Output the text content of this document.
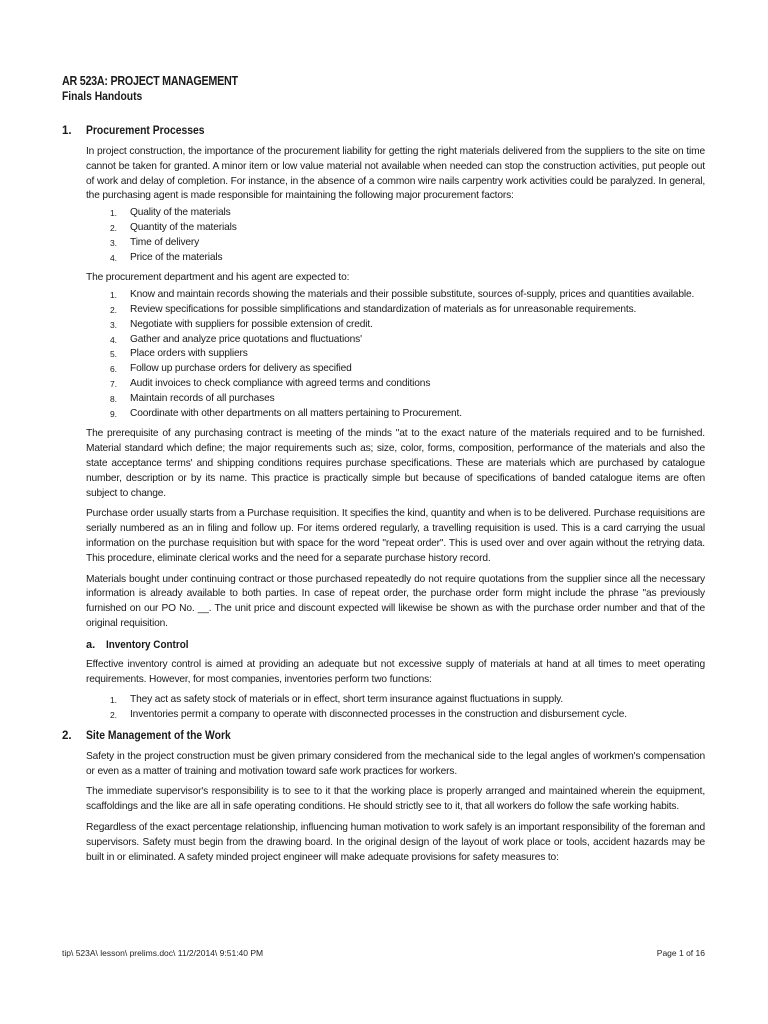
AR 523A: PROJECT MANAGEMENT
Finals Handouts
1.	Procurement Processes

In project construction, the importance of the procurement liability for getting the right materials delivered from the suppliers to the site on time cannot be taken for granted. A minor item or low value material not available when needed can stop the construction activities, put people out of work and delay of completion. For instance, in the absence of a common wire nails carpentry work activities could be paralyzed. In general, the purchasing agent is made responsible for maintaining the following major procurement factors:

1.	Quality of the materials
2.	Quantity of the materials
3.	Time of delivery
4.	Price of the materials

The procurement department and his agent are expected to:

1.	Know and maintain records showing the materials and their possible substitute, sources of-supply, prices and quantities available.
2.	Review specifications for possible simplifications and standardization of materials as for unreasonable requirements.
3.	Negotiate with suppliers for possible extension of credit.
4.	Gather and analyze price quotations and fluctuations'
5.	Place orders with suppliers
6.	Follow up purchase orders for delivery as specified
7.	Audit invoices to check compliance with agreed terms and conditions
8.	Maintain records of all purchases
9.	Coordinate with other departments on all matters pertaining to Procurement.

The prerequisite of any purchasing contract is meeting of the minds "at to the exact nature of the materials required and to be furnished. Material standard which define; the major requirements such as; size, color, forms, composition, performance of the materials and also the state acceptance terms' and shipping conditions requires purchase specifications. These are materials which are purchased by catalogue number, description or by its name. This practice is practically simple but because of specifications of banded catalogue items are often subject to change.

Purchase order usually starts from a Purchase requisition. It specifies the kind, quantity and when is to be delivered. Purchase requisitions are serially numbered as an in filing and follow up. For items ordered regularly, a travelling requisition is used. This is a card carrying the usual information on the purchase requisition but with space for the word "repeat order". This is used over and over again without the retrying data. This procedure, eliminate clerical works and the need for a separate purchase history record.

Materials bought under continuing contract or those purchased repeatedly do not require quotations from the supplier since all the necessary information is already available to both parties. In case of repeat order, the purchase order form might include the phrase "as previously furnished on our PO No. __. The unit price and discount expected will likewise be shown as with the purchase order number and that of the original requisition.

a. Inventory Control

Effective inventory control is aimed at providing an adequate but not excessive supply of materials at hand at all times to meet operating requirements. However, for most companies, inventories perform two functions:

1.	They act as safety stock of materials or in effect, short term insurance against fluctuations in supply.
2.	Inventories permit a company to operate with disconnected processes in the construction and disbursement cycle.
2.	Site Management of the Work

Safety in the project construction must be given primary considered from the mechanical side to the legal angles of workmen's compensation or even as a matter of training and motivation toward safe work practices for workers.

The immediate supervisor's responsibility is to see to it that the working place is properly arranged and maintained wherein the equipment, scaffoldings and the like are all in safe operating conditions. He should strictly see to it, that all workers do follow the safe working habits.

Regardless of the exact percentage relationship, influencing human motivation to work safely is an important responsibility of the foreman and supervisors. Safety must begin from the drawing board. In the original design of the layout of work place or tools, accident hazards may be built in or eliminated. A safety minded project engineer will make adequate provisions for safety measures to:

tip\ 523A\ lesson\ prelims.doc\ 11/2/2014\ 9:51:40 PM	Page 1 of 16
